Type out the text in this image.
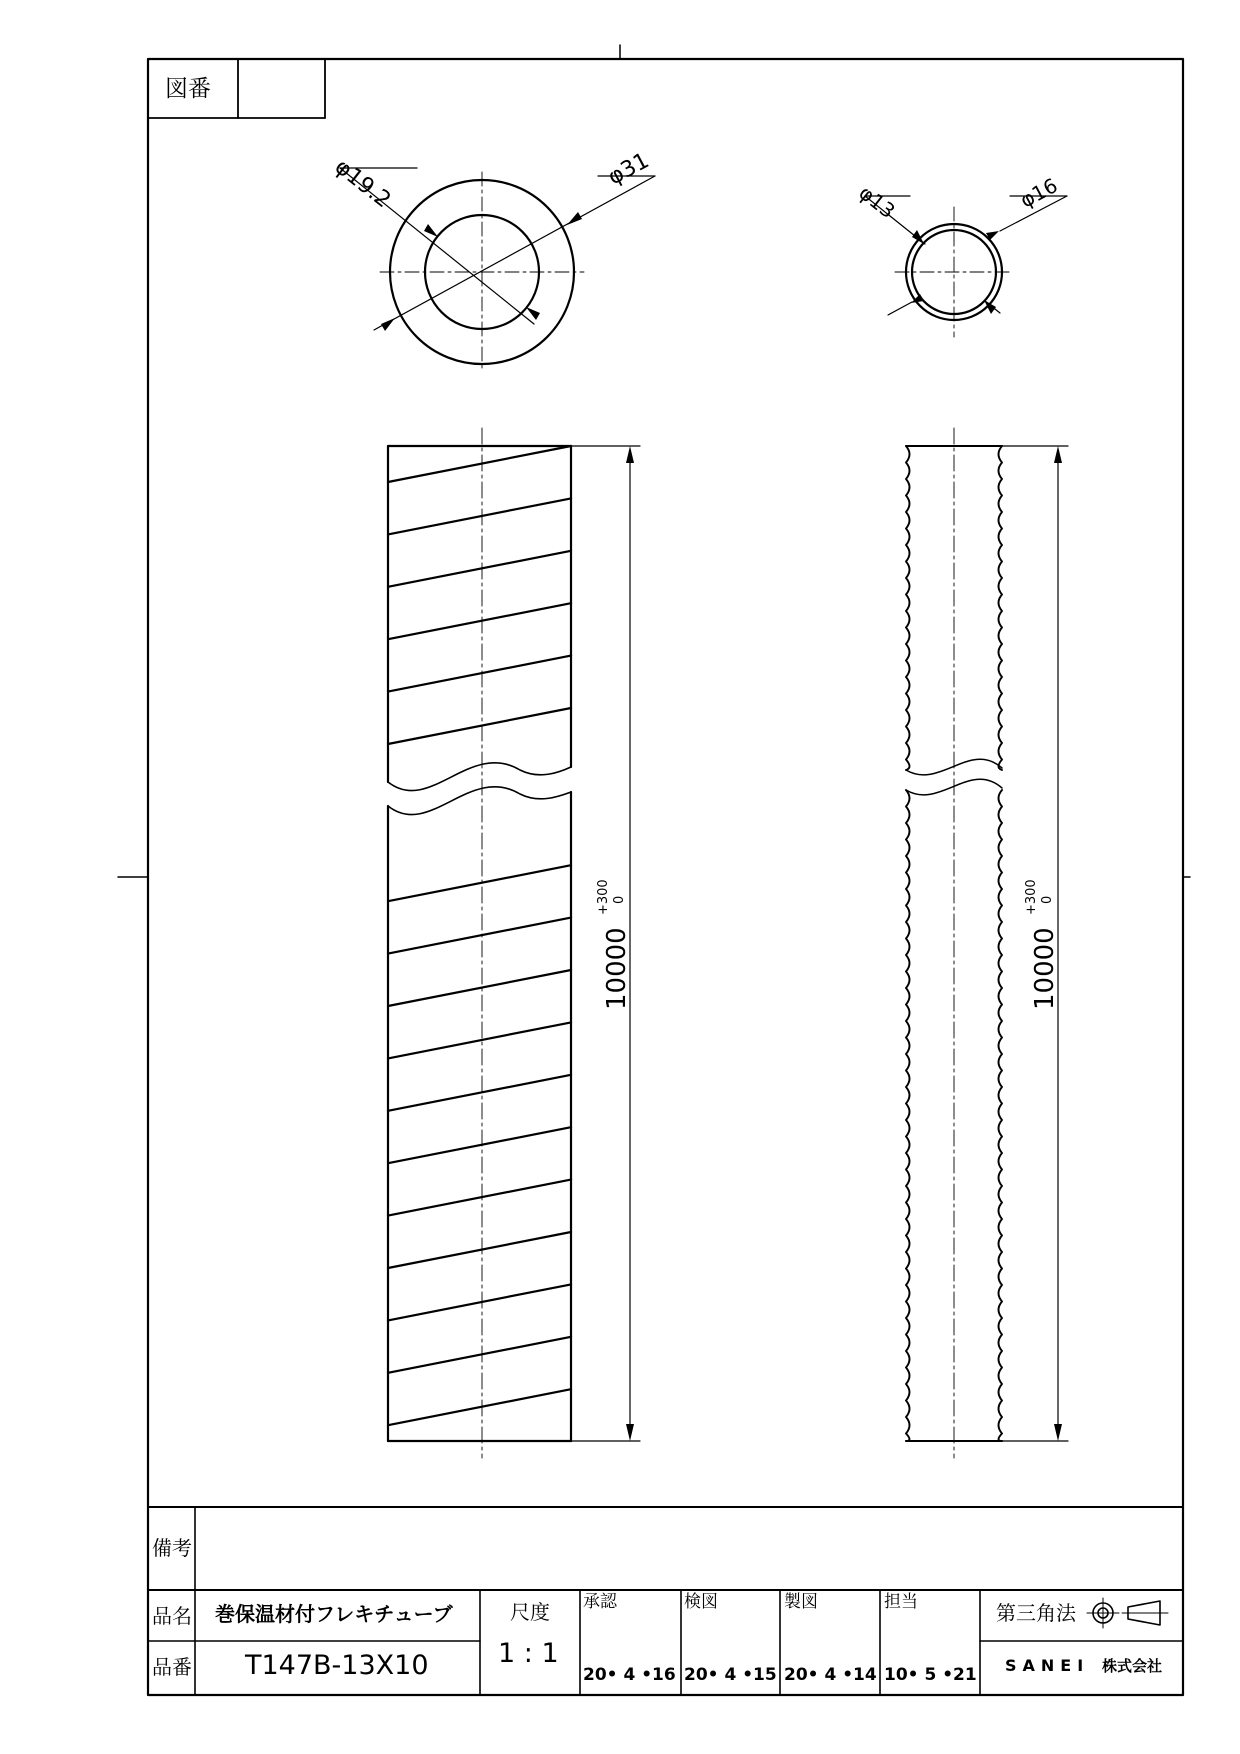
図番
φ19.2	φ31
φ13	φ16
10000
+300 0
10000
+300 0
備考
品名 巻保温材付フレキチューブ
品番 T147B-13X10
尺度
1 : 1
承認
20• 4 •16
検図
20• 4 •15
製図
20• 4 •14
担当
10• 5 •21
第三角法
SANEI 株式会社
